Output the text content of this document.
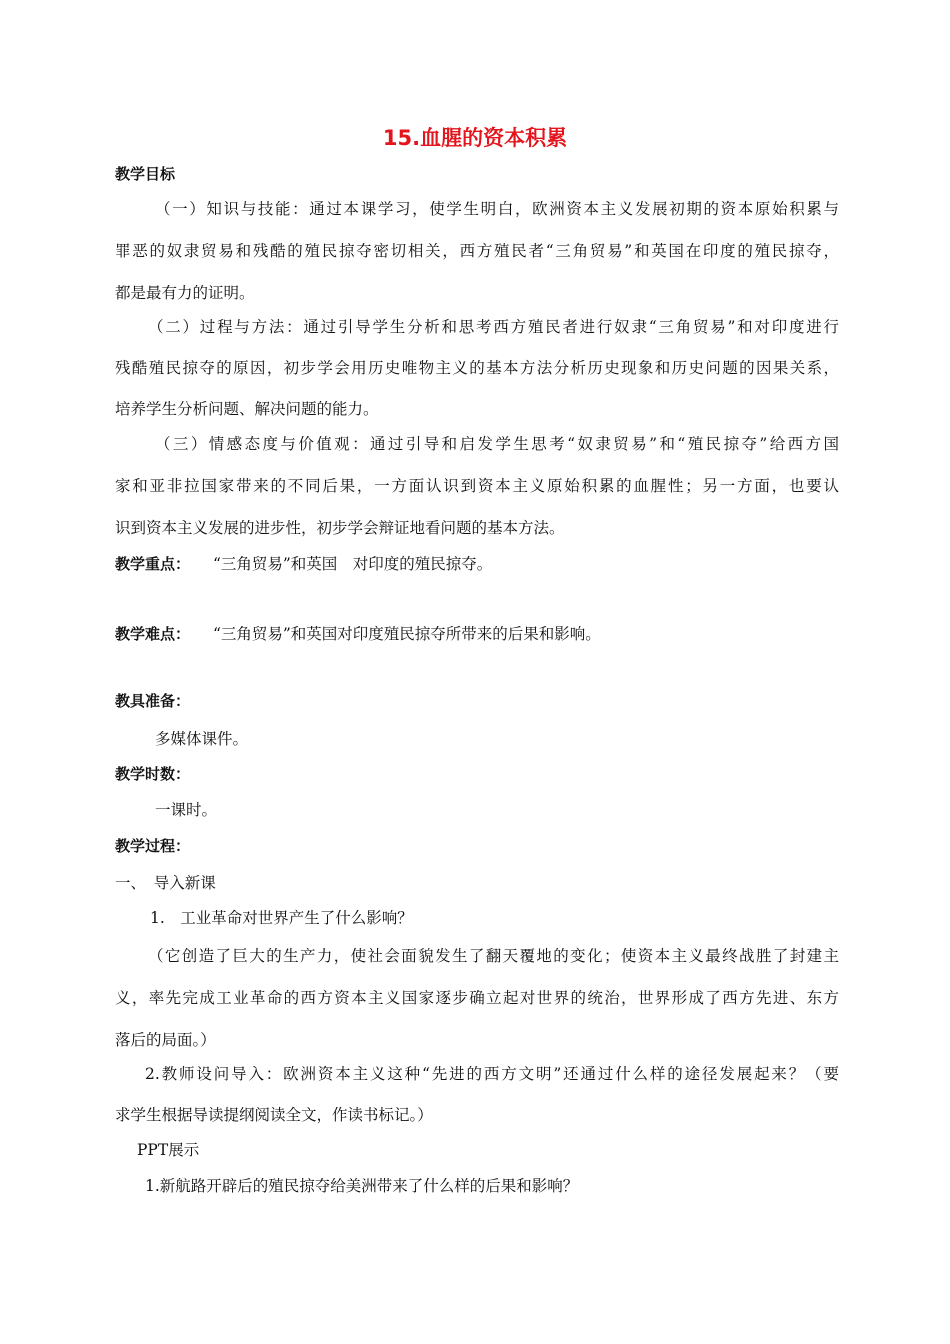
15.血腥的资本积累
教学目标
（一）知识与技能：通过本课学习，使学生明白，欧洲资本主义发展初期的资本原始积累与
罪恶的奴隶贸易和残酷的殖民掠夺密切相关，西方殖民者“三角贸易”和英国在印度的殖民掠夺，
都是最有力的证明。
（二）过程与方法：通过引导学生分析和思考西方殖民者进行奴隶“三角贸易”和对印度进行
残酷殖民掠夺的原因，初步学会用历史唯物主义的基本方法分析历史现象和历史问题的因果关系，
培养学生分析问题、解决问题的能力。
（三）情感态度与价值观：通过引导和启发学生思考“奴隶贸易”和“殖民掠夺”给西方国
家和亚非拉国家带来的不同后果，一方面认识到资本主义原始积累的血腥性；另一方面，也要认
识到资本主义发展的进步性，初步学会辩证地看问题的基本方法。
教学重点： “三角贸易”和英国　对印度的殖民掠夺。
教学难点： “三角贸易”和英国对印度殖民掠夺所带来的后果和影响。
教具准备：
多媒体课件。
教学时数：
一课时。
教学过程：
一、　导入新课
1.　工业革命对世界产生了什么影响？
（它创造了巨大的生产力，使社会面貌发生了翻天覆地的变化；使资本主义最终战胜了封建主
义，率先完成工业革命的西方资本主义国家逐步确立起对世界的统治，世界形成了西方先进、东方
落后的局面。）
2.教师设问导入：欧洲资本主义这种“先进的西方文明”还通过什么样的途径发展起来？（要
求学生根据导读提纲阅读全文，作读书标记。）
PPT展示
1.新航路开辟后的殖民掠夺给美洲带来了什么样的后果和影响？
